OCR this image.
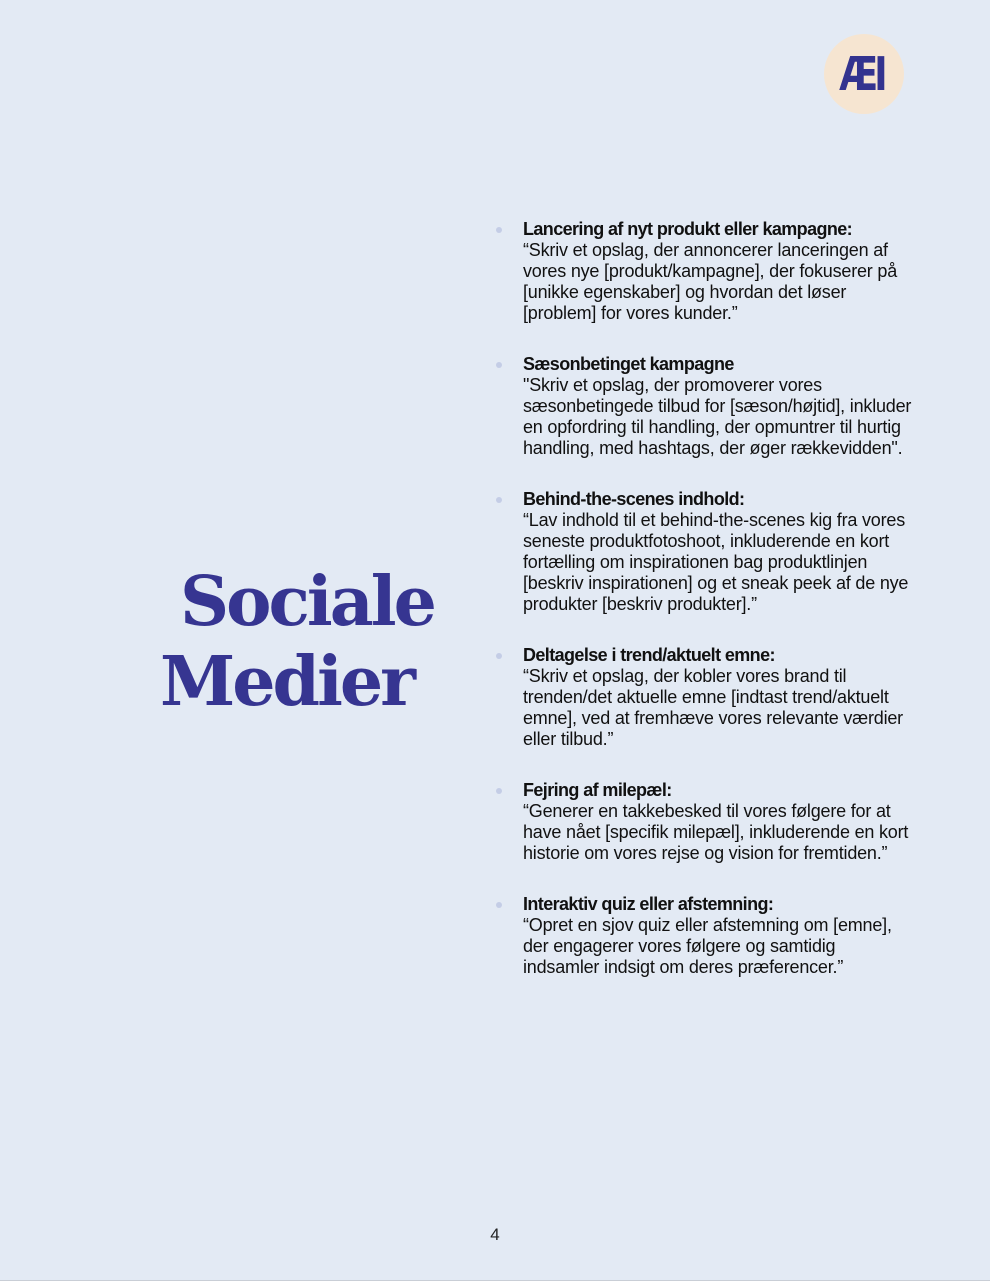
ÆI
Sociale
Medier
Lancering af nyt produkt eller kampagne:
“Skriv et opslag, der annoncerer lanceringen af vores nye [produkt/kampagne], der fokuserer på [unikke egenskaber] og hvordan det løser [problem] for vores kunder.”
Sæsonbetinget kampagne
"Skriv et opslag, der promoverer vores sæsonbetingede tilbud for [sæson/højtid], inkluder en opfordring til handling, der opmuntrer til hurtig handling, med hashtags, der øger rækkevidden".
Behind-the-scenes indhold:
“Lav indhold til et behind-the-scenes kig fra vores seneste produktfotoshoot, inkluderende en kort fortælling om inspirationen bag produktlinjen [beskriv inspirationen] og et sneak peek af de nye produkter [beskriv produkter].”
Deltagelse i trend/aktuelt emne:
“Skriv et opslag, der kobler vores brand til trenden/det aktuelle emne [indtast trend/aktuelt emne], ved at fremhæve vores relevante værdier eller tilbud.”
Fejring af milepæl:
“Generer en takkebesked til vores følgere for at have nået [specifik milepæl], inkluderende en kort historie om vores rejse og vision for fremtiden.”
Interaktiv quiz eller afstemning:
“Opret en sjov quiz eller afstemning om [emne], der engagerer vores følgere og samtidig indsamler indsigt om deres præferencer.”
4
